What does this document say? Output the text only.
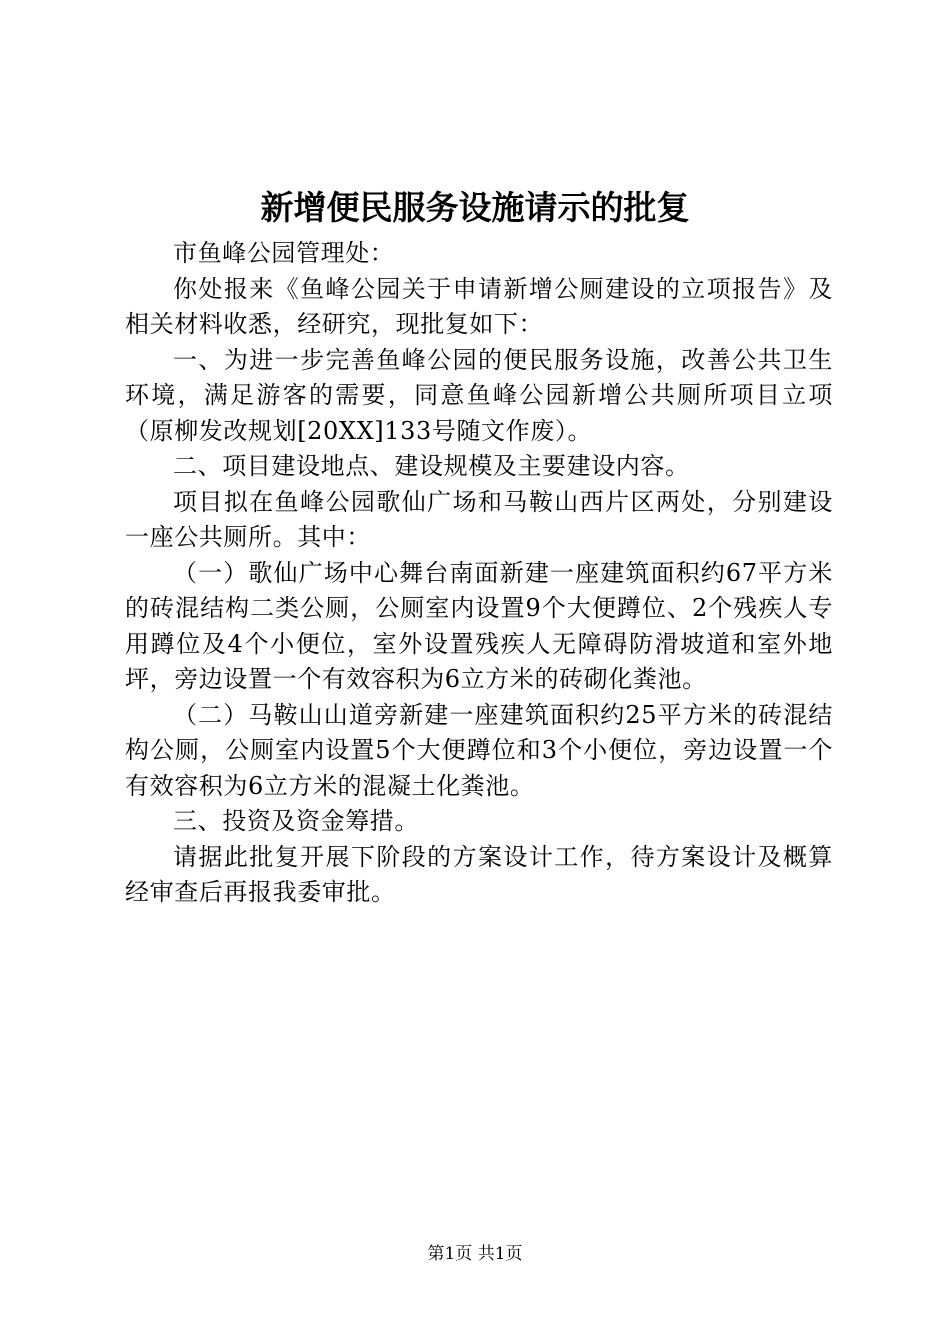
新增便民服务设施请示的批复

市鱼峰公园管理处：

你处报来《鱼峰公园关于申请新增公厕建设的立项报告》及相关材料收悉，经研究，现批复如下：

一、为进一步完善鱼峰公园的便民服务设施，改善公共卫生环境，满足游客的需要，同意鱼峰公园新增公共厕所项目立项（原柳发改规划[20XX]133号随文作废）。

二、项目建设地点、建设规模及主要建设内容。

项目拟在鱼峰公园歌仙广场和马鞍山西片区两处，分别建设一座公共厕所。其中：

（一）歌仙广场中心舞台南面新建一座建筑面积约67平方米的砖混结构二类公厕，公厕室内设置9个大便蹲位、2个残疾人专用蹲位及4个小便位，室外设置残疾人无障碍防滑坡道和室外地坪，旁边设置一个有效容积为6立方米的砖砌化粪池。

（二）马鞍山山道旁新建一座建筑面积约25平方米的砖混结构公厕，公厕室内设置5个大便蹲位和3个小便位，旁边设置一个有效容积为6立方米的混凝土化粪池。

三、投资及资金筹措。

请据此批复开展下阶段的方案设计工作，待方案设计及概算经审查后再报我委审批。

第1页 共1页
